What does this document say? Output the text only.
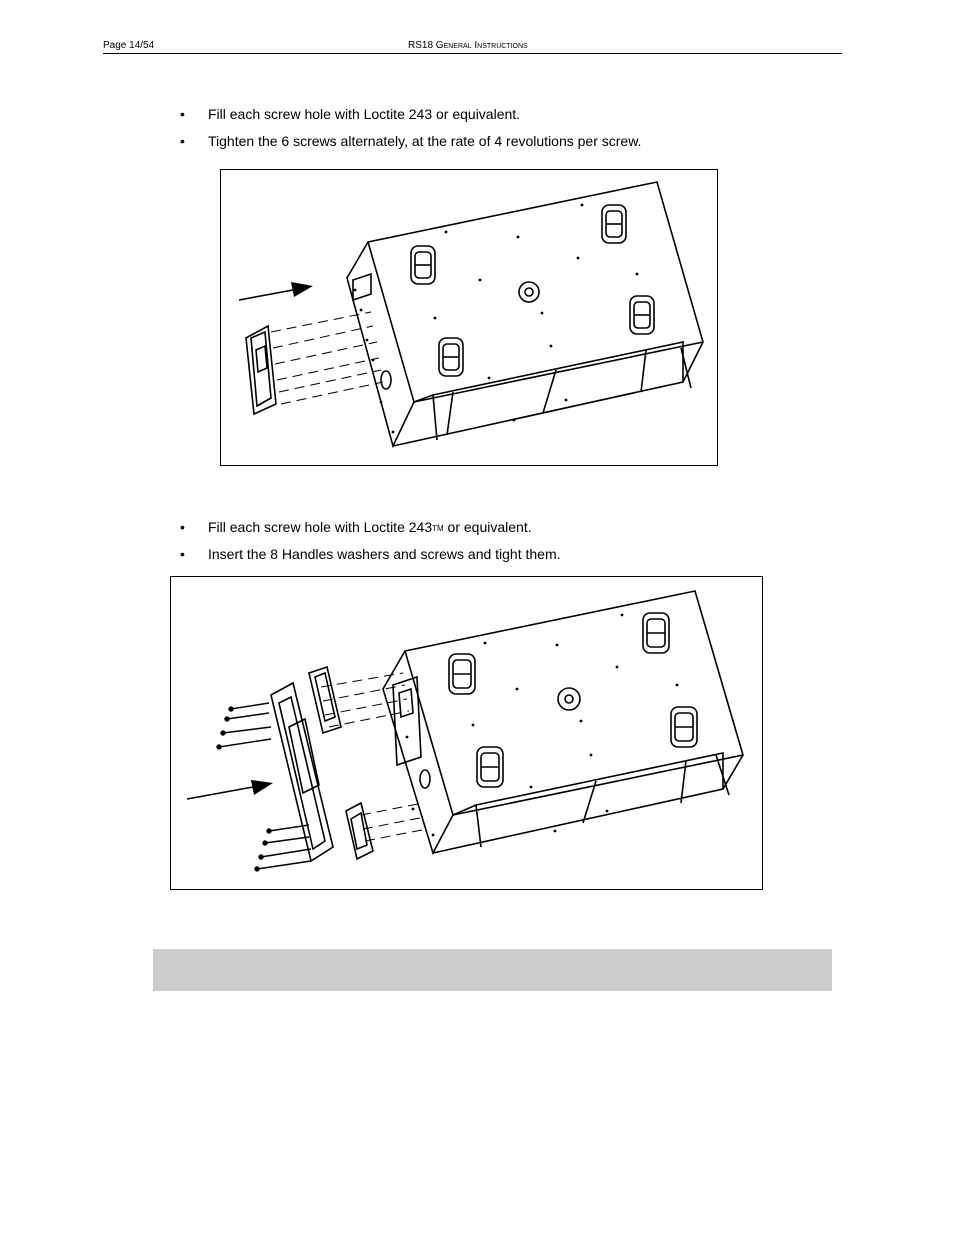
Page 14/54	RS18 General Instructions
• Fill each screw hole with Loctite 243 or equivalent.
• Tighten the 6 screws alternately, at the rate of 4 revolutions per screw.
• Fill each screw hole with Loctite 243™ or equivalent.
• Insert the 8 Handles washers and screws and tight them.
